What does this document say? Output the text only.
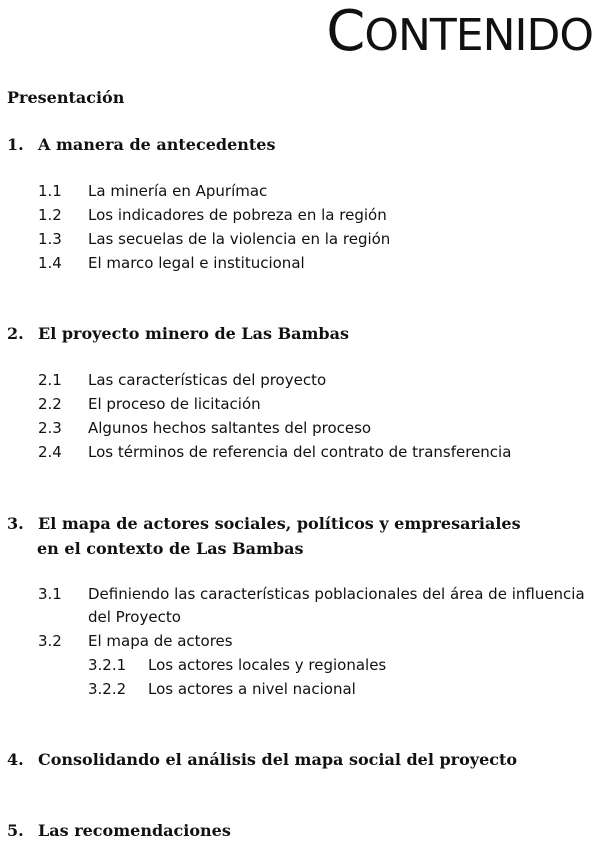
CONTENIDO
Presentación
1. A manera de antecedentes
1.1 La minería en Apurímac
1.2 Los indicadores de pobreza en la región
1.3 Las secuelas de la violencia en la región
1.4 El marco legal e institucional
2. El proyecto minero de Las Bambas
2.1 Las características del proyecto
2.2 El proceso de licitación
2.3 Algunos hechos saltantes del proceso
2.4 Los términos de referencia del contrato de transferencia
3. El mapa de actores sociales, políticos y empresariales
en el contexto de Las Bambas
3.1 Definiendo las características poblacionales del área de influencia
del Proyecto
3.2 El mapa de actores
3.2.1 Los actores locales y regionales
3.2.2 Los actores a nivel nacional
4. Consolidando el análisis del mapa social del proyecto
5. Las recomendaciones
